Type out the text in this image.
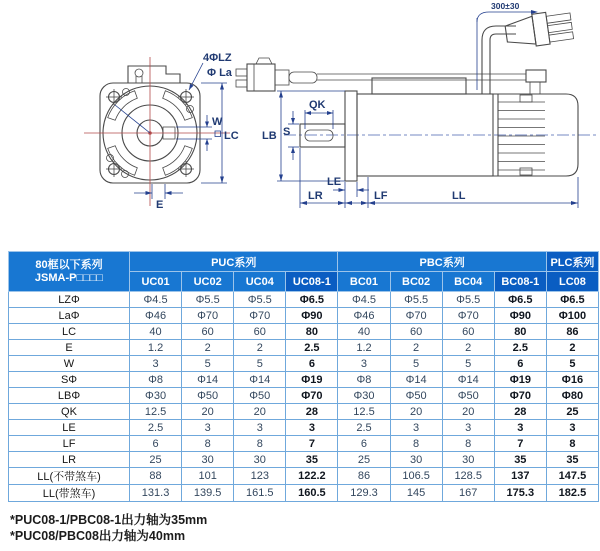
4ΦLZ
Φ La
W
LC
E
300±30
QK
S
LB
LE
LR	LF	LL
80框以下系列
JSMA-P□□□□	PUC系列				PBC系列				PLC系列
	UC01	UC02	UC04	UC08-1	BC01	BC02	BC04	BC08-1	LC08
LZΦ	Φ4.5	Φ5.5	Φ5.5	Φ6.5	Φ4.5	Φ5.5	Φ5.5	Φ6.5	Φ6.5
LaΦ	Φ46	Φ70	Φ70	Φ90	Φ46	Φ70	Φ70	Φ90	Φ100
LC	40	60	60	80	40	60	60	80	86
E	1.2	2	2	2.5	1.2	2	2	2.5	2
W	3	5	5	6	3	5	5	6	5
SΦ	Φ8	Φ14	Φ14	Φ19	Φ8	Φ14	Φ14	Φ19	Φ16
LBΦ	Φ30	Φ50	Φ50	Φ70	Φ30	Φ50	Φ50	Φ70	Φ80
QK	12.5	20	20	28	12.5	20	20	28	25
LE	2.5	3	3	3	2.5	3	3	3	3
LF	6	8	8	7	6	8	8	7	8
LR	25	30	30	35	25	30	30	35	35
LL(不带煞车)	88	101	123	122.2	86	106.5	128.5	137	147.5
LL(带煞车)	131.3	139.5	161.5	160.5	129.3	145	167	175.3	182.5
*PUC08-1/PBC08-1出力轴为35mm
*PUC08/PBC08出力轴为40mm
